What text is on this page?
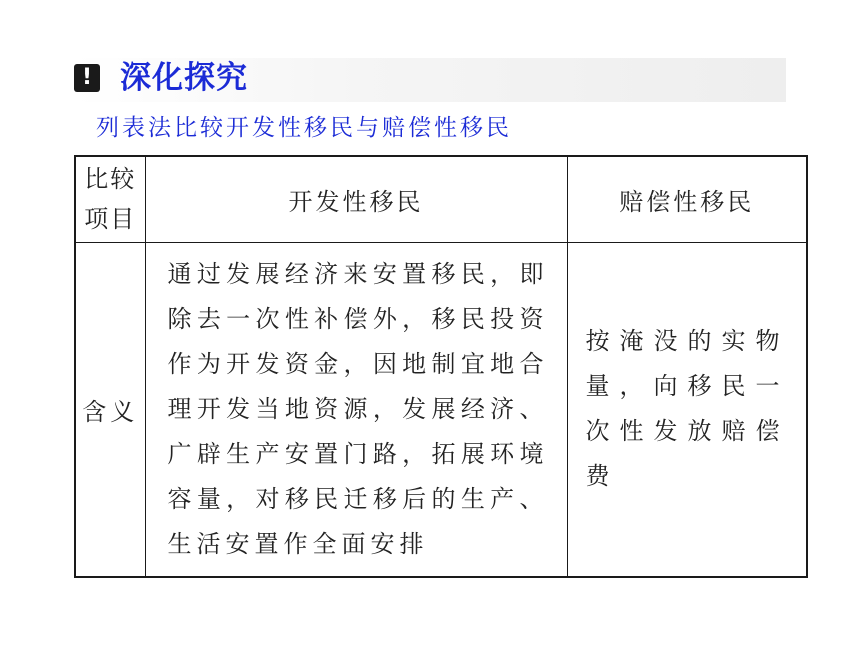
! 深化探究
列表法比较开发性移民与赔偿性移民
比较
项目	开发性移民	赔偿性移民
含义	通过发展经济来安置移民，即除去一次性补偿外，移民投资作为开发资金，因地制宜地合理开发当地资源，发展经济、广辟生产安置门路，拓展环境容量，对移民迁移后的生产、生活安置作全面安排	按淹没的实物量，向移民一次性发放赔偿费
